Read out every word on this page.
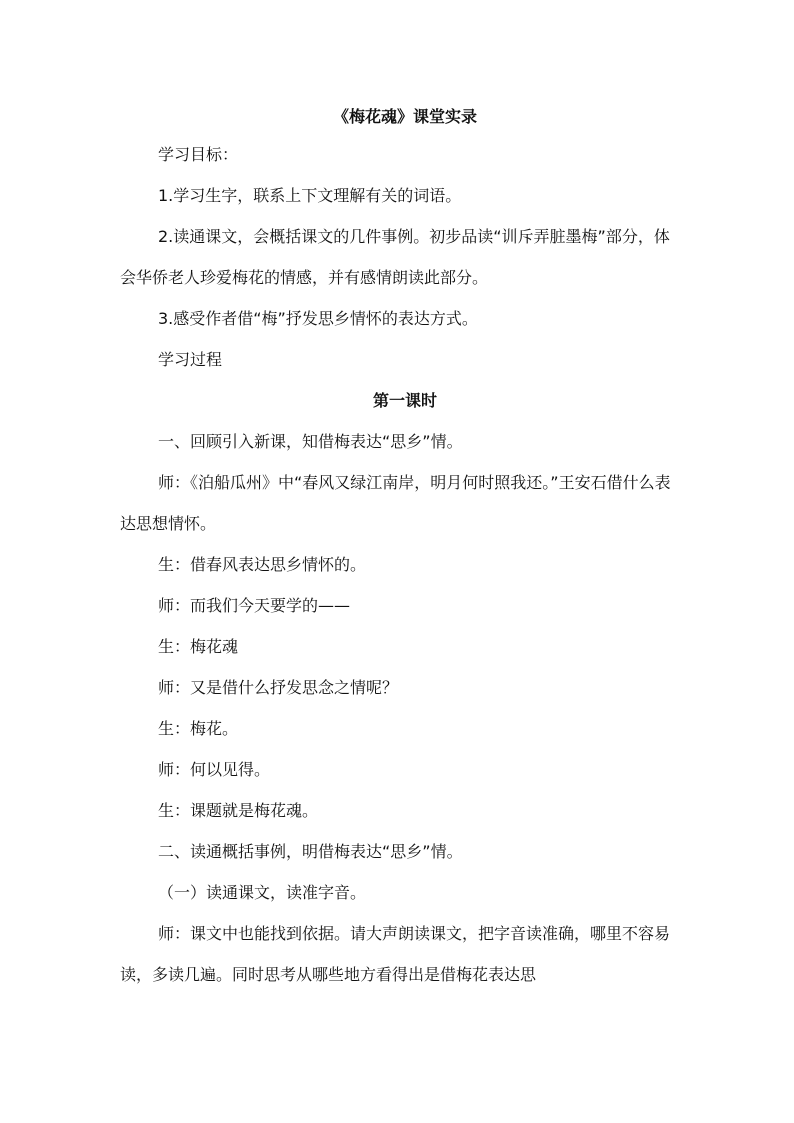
《梅花魂》课堂实录

学习目标：

1.学习生字，联系上下文理解有关的词语。

2.读通课文，会概括课文的几件事例。初步品读“训斥弄脏墨梅”部分，体会华侨老人珍爱梅花的情感，并有感情朗读此部分。

3.感受作者借“梅”抒发思乡情怀的表达方式。

学习过程

第一课时

一、回顾引入新课，知借梅表达“思乡”情。

师：《泊船瓜州》中“春风又绿江南岸，明月何时照我还。”王安石借什么表达思想情怀。

生：借春风表达思乡情怀的。

师：而我们今天要学的——

生：梅花魂

师：又是借什么抒发思念之情呢？

生：梅花。

师：何以见得。

生：课题就是梅花魂。

二、读通概括事例，明借梅表达“思乡”情。

（一）读通课文，读准字音。

师：课文中也能找到依据。请大声朗读课文，把字音读准确，哪里不容易读，多读几遍。同时思考从哪些地方看得出是借梅花表达思
